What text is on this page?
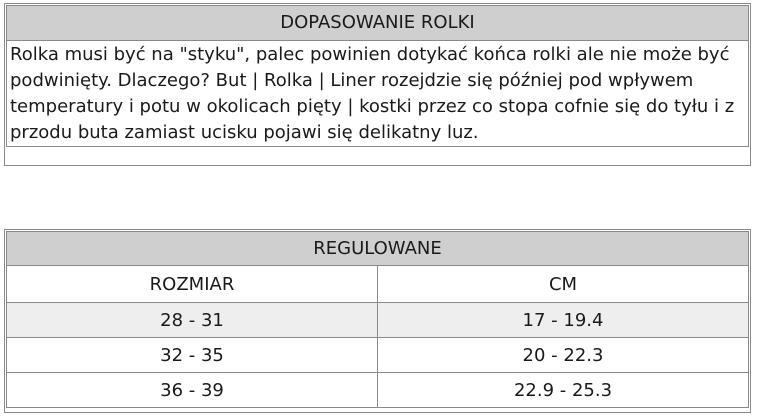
DOPASOWANIE ROLKI
Rolka musi być na "styku", palec powinien dotykać końca rolki ale nie może być podwinięty. Dlaczego? But | Rolka | Liner rozejdzie się później pod wpływem temperatury i potu w okolicach pięty | kostki przez co stopa cofnie się do tyłu i z przodu buta zamiast ucisku pojawi się delikatny luz.
REGULOWANE	
ROZMIAR	CM
28 - 31	17 - 19.4
32 - 35	20 - 22.3
36 - 39	22.9 - 25.3
